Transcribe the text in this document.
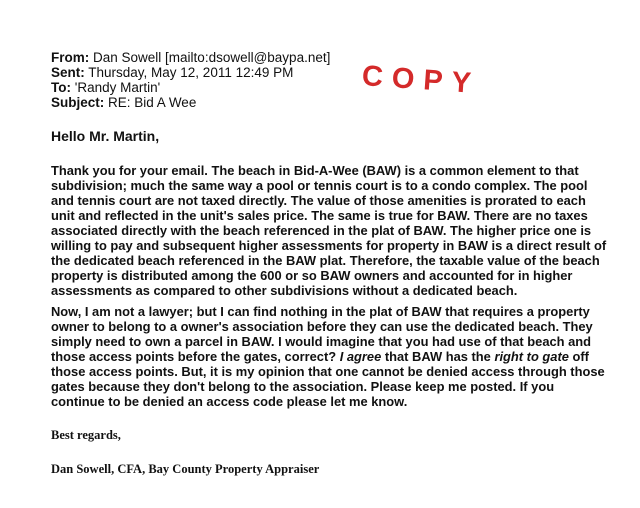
From: Dan Sowell [mailto:dsowell@baypa.net]
Sent: Thursday, May 12, 2011 12:49 PM
To: 'Randy Martin'
Subject: RE: Bid A Wee
COPY
Hello Mr. Martin,
Thank you for your email. The beach in Bid-A-Wee (BAW) is a common element to that
subdivision; much the same way a pool or tennis court is to a condo complex. The pool
and tennis court are not taxed directly. The value of those amenities is prorated to each
unit and reflected in the unit's sales price. The same is true for BAW. There are no taxes
associated directly with the beach referenced in the plat of BAW. The higher price one is
willing to pay and subsequent higher assessments for property in BAW is a direct result of
the dedicated beach referenced in the BAW plat. Therefore, the taxable value of the beach
property is distributed among the 600 or so BAW owners and accounted for in higher
assessments as compared to other subdivisions without a dedicated beach.
Now, I am not a lawyer; but I can find nothing in the plat of BAW that requires a property
owner to belong to a owner's association before they can use the dedicated beach. They
simply need to own a parcel in BAW. I would imagine that you had use of that beach and
those access points before the gates, correct? I agree that BAW has the right to gate off
those access points. But, it is my opinion that one cannot be denied access through those
gates because they don't belong to the association. Please keep me posted. If you
continue to be denied an access code please let me know.
Best regards,
Dan Sowell, CFA, Bay County Property Appraiser
